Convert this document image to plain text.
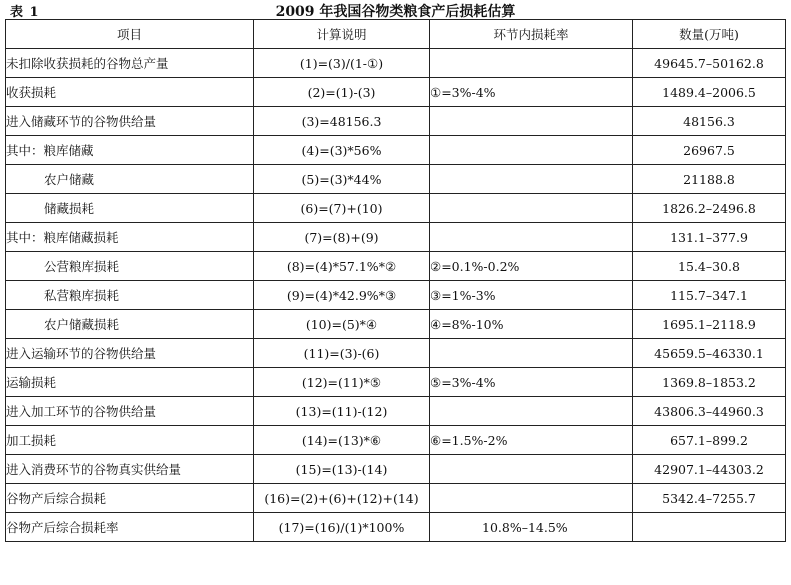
表 1	2009 年我国谷物类粮食产后损耗估算
项目	计算说明	环节内损耗率	数量(万吨)
未扣除收获损耗的谷物总产量	(1)=(3)/(1-①)		49645.7–50162.8
收获损耗	(2)=(1)-(3)	①=3%-4%	1489.4–2006.5
进入储藏环节的谷物供给量	(3)=48156.3		48156.3
其中：粮库储藏	(4)=(3)*56%		26967.5
农户储藏	(5)=(3)*44%		21188.8
储藏损耗	(6)=(7)+(10)		1826.2–2496.8
其中：粮库储藏损耗	(7)=(8)+(9)		131.1–377.9
公营粮库损耗	(8)=(4)*57.1%*②	②=0.1%-0.2%	15.4–30.8
私营粮库损耗	(9)=(4)*42.9%*③	③=1%-3%	115.7–347.1
农户储藏损耗	(10)=(5)*④	④=8%-10%	1695.1–2118.9
进入运输环节的谷物供给量	(11)=(3)-(6)		45659.5–46330.1
运输损耗	(12)=(11)*⑤	⑤=3%-4%	1369.8–1853.2
进入加工环节的谷物供给量	(13)=(11)-(12)		43806.3–44960.3
加工损耗	(14)=(13)*⑥	⑥=1.5%-2%	657.1–899.2
进入消费环节的谷物真实供给量	(15)=(13)-(14)		42907.1–44303.2
谷物产后综合损耗	(16)=(2)+(6)+(12)+(14)		5342.4–7255.7
谷物产后综合损耗率	(17)=(16)/(1)*100%	10.8%–14.5%	
